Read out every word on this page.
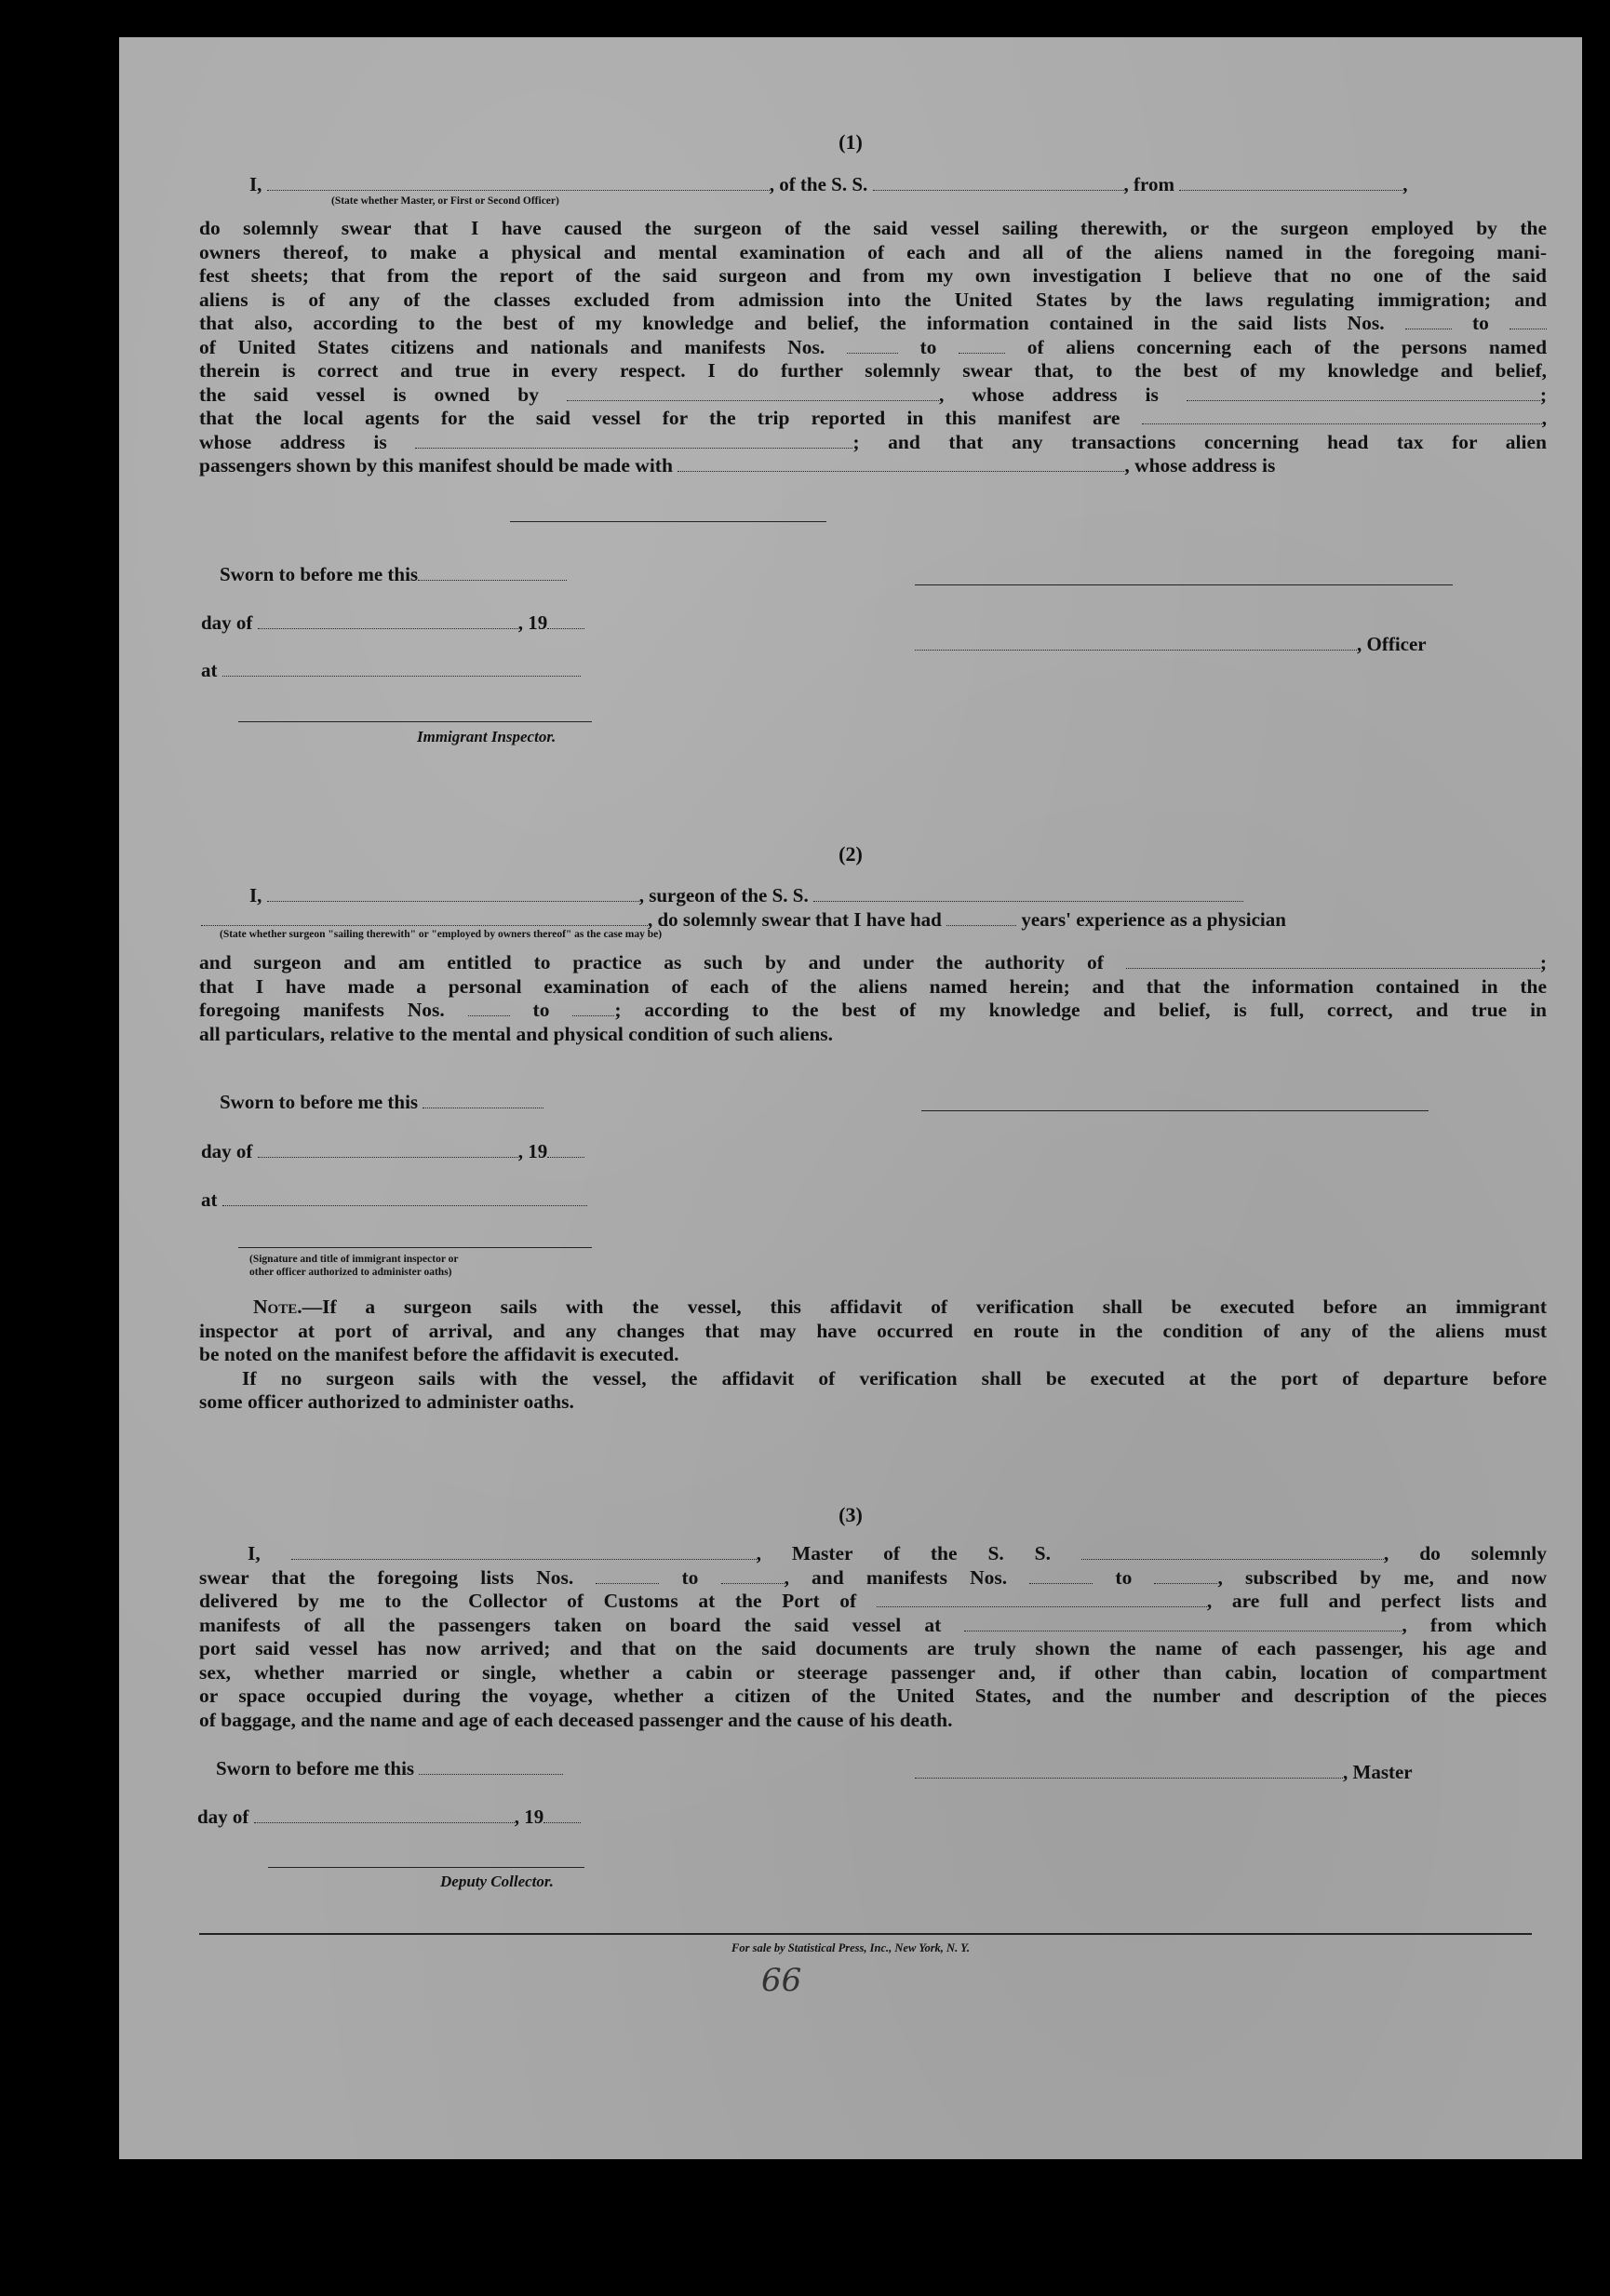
(1)
I,	, of the S. S.	, from	,
(State whether Master, or First or Second Officer)
do solemnly swear that I have caused the surgeon of the said vessel sailing therewith, or the surgeon employed by the
owners thereof, to make a physical and mental examination of each and all of the aliens named in the foregoing mani-
fest sheets; that from the report of the said surgeon and from my own investigation I believe that no one of the said
aliens is of any of the classes excluded from admission into the United States by the laws regulating immigration; and
that also, according to the best of my knowledge and belief, the information contained in the said lists Nos.	to
of United States citizens and nationals and manifests Nos.	to	of aliens concerning each of the persons named
therein is correct and true in every respect. I do further solemnly swear that, to the best of my knowledge and belief,
the said vessel is owned by	, whose address is	;
that the local agents for the said vessel for the trip reported in this manifest are	,
whose address is	; and that any transactions concerning head tax for alien
passengers shown by this manifest should be made with	, whose address is
Sworn to before me this
day of	, 19
, Officer
at
Immigrant Inspector.
(2)
I,	, surgeon of the S. S.
, do solemnly swear that I have had	years' experience as a physician
(State whether surgeon "sailing therewith" or "employed by owners thereof" as the case may be)
and surgeon and am entitled to practice as such by and under the authority of	;
that I have made a personal examination of each of the aliens named herein; and that the information contained in the
foregoing manifests Nos.	to	; according to the best of my knowledge and belief, is full, correct, and true in
all particulars, relative to the mental and physical condition of such aliens.
Sworn to before me this
day of	, 19
at
(Signature and title of immigrant inspector or
other officer authorized to administer oaths)
Note.—If a surgeon sails with the vessel, this affidavit of verification shall be executed before an immigrant
inspector at port of arrival, and any changes that may have occurred en route in the condition of any of the aliens must
be noted on the manifest before the affidavit is executed.
If no surgeon sails with the vessel, the affidavit of verification shall be executed at the port of departure before
some officer authorized to administer oaths.
(3)
I,	, Master of the S. S.	, do solemnly
swear that the foregoing lists Nos.	to	, and manifests Nos.	to	, subscribed by me, and now
delivered by me to the Collector of Customs at the Port of	, are full and perfect lists and
manifests of all the passengers taken on board the said vessel at	, from which
port said vessel has now arrived; and that on the said documents are truly shown the name of each passenger, his age and
sex, whether married or single, whether a cabin or steerage passenger and, if other than cabin, location of compartment
or space occupied during the voyage, whether a citizen of the United States, and the number and description of the pieces
of baggage, and the name and age of each deceased passenger and the cause of his death.
Sworn to before me this	, Master
day of	, 19
Deputy Collector.
For sale by Statistical Press, Inc., New York, N. Y.
66
